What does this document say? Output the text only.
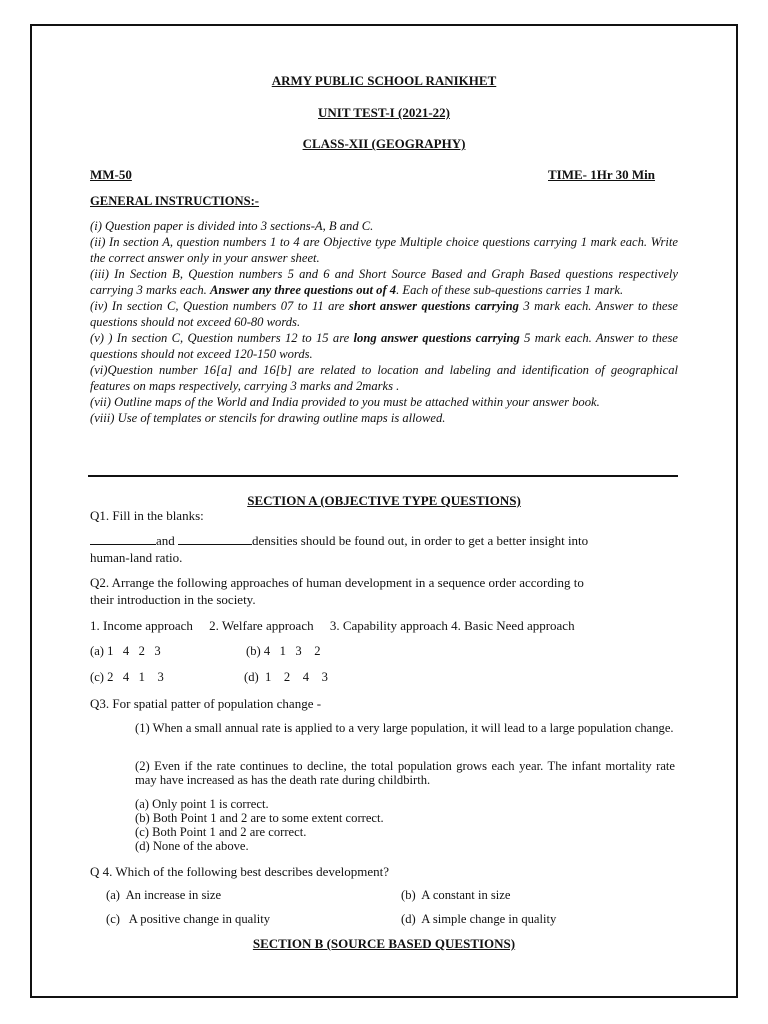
ARMY PUBLIC SCHOOL RANIKHET
UNIT TEST-I (2021-22)
CLASS-XII (GEOGRAPHY)
MM-50	TIME- 1Hr 30 Min
GENERAL INSTRUCTIONS:-

(i) Question paper is divided into 3 sections-A, B and C.

(ii) In section A, question numbers 1 to 4 are Objective type Multiple choice questions carrying 1 mark each. Write the correct answer only in your answer sheet.

(iii) In Section B, Question numbers 5 and 6 and Short Source Based and Graph Based questions respectively carrying 3 marks each. Answer any three questions out of 4. Each of these sub-questions carries 1 mark.

(iv) In section C, Question numbers 07 to 11 are short answer questions carrying 3 mark each. Answer to these questions should not exceed 60-80 words.

(v) ) In section C, Question numbers 12 to 15 are long answer questions carrying 5 mark each. Answer to these questions should not exceed 120-150 words.

(vi)Question number 16[a] and 16[b] are related to location and labeling and identification of geographical features on maps respectively, carrying 3 marks and 2marks .

(vii) Outline maps of the World and India provided to you must be attached within your answer book.

(viii) Use of templates or stencils for drawing outline maps is allowed.

SECTION A (OBJECTIVE TYPE QUESTIONS)
Q1. Fill in the blanks:
and	densities should be found out, in order to get a better insight into
human-land ratio.
Q2. Arrange the following approaches of human development in a sequence order according to
their introduction in the society.
1. Income approach     2. Welfare approach     3. Capability approach 4. Basic Need approach
(a) 1   4   2   3	(b) 4   1   3    2
(c) 2   4   1    3	(d)  1    2    4    3
Q3. For spatial patter of population change -
(1) When a small annual rate is applied to a very large population, it will lead to a large population change.
(2) Even if the rate continues to decline, the total population grows each year. The infant mortality rate may have increased as has the death rate during childbirth.
(a) Only point 1 is correct.
(b) Both Point 1 and 2 are to some extent correct.
(c) Both Point 1 and 2 are correct.
(d) None of the above.
Q 4. Which of the following best describes development?
(a)  An increase in size	(b)  A constant in size
(c)   A positive change in quality	(d)  A simple change in quality
SECTION B (SOURCE BASED QUESTIONS)
